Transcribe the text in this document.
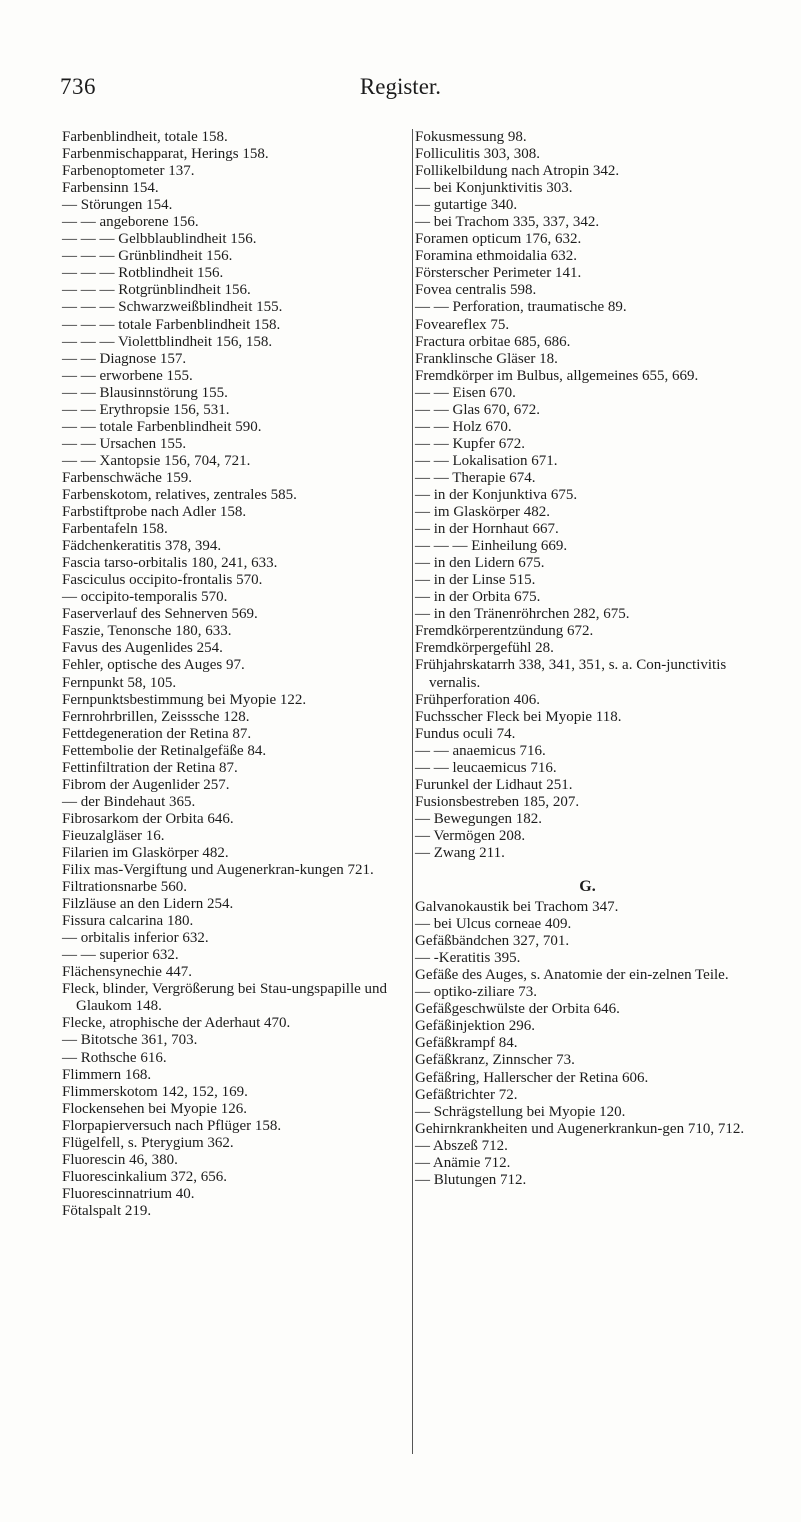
736	Register.
Farbenblindheit, totale 158.
Farbenmischapparat, Herings 158.
Farbenoptometer 137.
Farbensinn 154.
— Störungen 154.
— — angeborene 156.
— — — Gelbblaublindheit 156.
— — — Grünblindheit 156.
— — — Rotblindheit 156.
— — — Rotgrünblindheit 156.
— — — Schwarzweißblindheit 155.
— — — totale Farbenblindheit 158.
— — — Violettblindheit 156, 158.
— — Diagnose 157.
— — erworbene 155.
— — Blausinnstörung 155.
— — Erythropsie 156, 531.
— — totale Farbenblindheit 590.
— — Ursachen 155.
— — Xantopsie 156, 704, 721.
Farbenschwäche 159.
Farbenskotom, relatives, zentrales 585.
Farbstiftprobe nach Adler 158.
Farbentafeln 158.
Fädchenkeratitis 378, 394.
Fascia tarso-orbitalis 180, 241, 633.
Fasciculus occipito-frontalis 570.
— occipito-temporalis 570.
Faserverlauf des Sehnerven 569.
Faszie, Tenonsche 180, 633.
Favus des Augenlides 254.
Fehler, optische des Auges 97.
Fernpunkt 58, 105.
Fernpunktsbestimmung bei Myopie 122.
Fernrohrbrillen, Zeisssche 128.
Fettdegeneration der Retina 87.
Fettembolie der Retinalgefäße 84.
Fettinfiltration der Retina 87.
Fibrom der Augenlider 257.
— der Bindehaut 365.
Fibrosarkom der Orbita 646.
Fieuzalgläser 16.
Filarien im Glaskörper 482.
Filix mas-Vergiftung und Augenerkran-kungen 721.
Filtrationsnarbe 560.
Filzläuse an den Lidern 254.
Fissura calcarina 180.
— orbitalis inferior 632.
— — superior 632.
Flächensynechie 447.
Fleck, blinder, Vergrößerung bei Stau-ungspapille und Glaukom 148.
Flecke, atrophische der Aderhaut 470.
— Bitotsche 361, 703.
— Rothsche 616.
Flimmern 168.
Flimmerskotom 142, 152, 169.
Flockensehen bei Myopie 126.
Florpapierversuch nach Pflüger 158.
Flügelfell, s. Pterygium 362.
Fluorescin 46, 380.
Fluorescinkalium 372, 656.
Fluorescinnatrium 40.
Fötalspalt 219.
Fokusmessung 98.
Folliculitis 303, 308.
Follikelbildung nach Atropin 342.
— bei Konjunktivitis 303.
— gutartige 340.
— bei Trachom 335, 337, 342.
Foramen opticum 176, 632.
Foramina ethmoidalia 632.
Försterscher Perimeter 141.
Fovea centralis 598.
— — Perforation, traumatische 89.
Foveareflex 75.
Fractura orbitae 685, 686.
Franklinsche Gläser 18.
Fremdkörper im Bulbus, allgemeines 655, 669.
— — Eisen 670.
— — Glas 670, 672.
— — Holz 670.
— — Kupfer 672.
— — Lokalisation 671.
— — Therapie 674.
— in der Konjunktiva 675.
— im Glaskörper 482.
— in der Hornhaut 667.
— — — Einheilung 669.
— in den Lidern 675.
— in der Linse 515.
— in der Orbita 675.
— in den Tränenröhrchen 282, 675.
Fremdkörperentzündung 672.
Fremdkörpergefühl 28.
Frühjahrskatarrh 338, 341, 351, s. a. Con-junctivitis vernalis.
Frühperforation 406.
Fuchsscher Fleck bei Myopie 118.
Fundus oculi 74.
— — anaemicus 716.
— — leucaemicus 716.
Furunkel der Lidhaut 251.
Fusionsbestreben 185, 207.
— Bewegungen 182.
— Vermögen 208.
— Zwang 211.
G.
Galvanokaustik bei Trachom 347.
— bei Ulcus corneae 409.
Gefäßbändchen 327, 701.
— -Keratitis 395.
Gefäße des Auges, s. Anatomie der ein-zelnen Teile.
— optiko-ziliare 73.
Gefäßgeschwülste der Orbita 646.
Gefäßinjektion 296.
Gefäßkrampf 84.
Gefäßkranz, Zinnscher 73.
Gefäßring, Hallerscher der Retina 606.
Gefäßtrichter 72.
— Schrägstellung bei Myopie 120.
Gehirnkrankheiten und Augenerkrankun-gen 710, 712.
— Abszeß 712.
— Anämie 712.
— Blutungen 712.
